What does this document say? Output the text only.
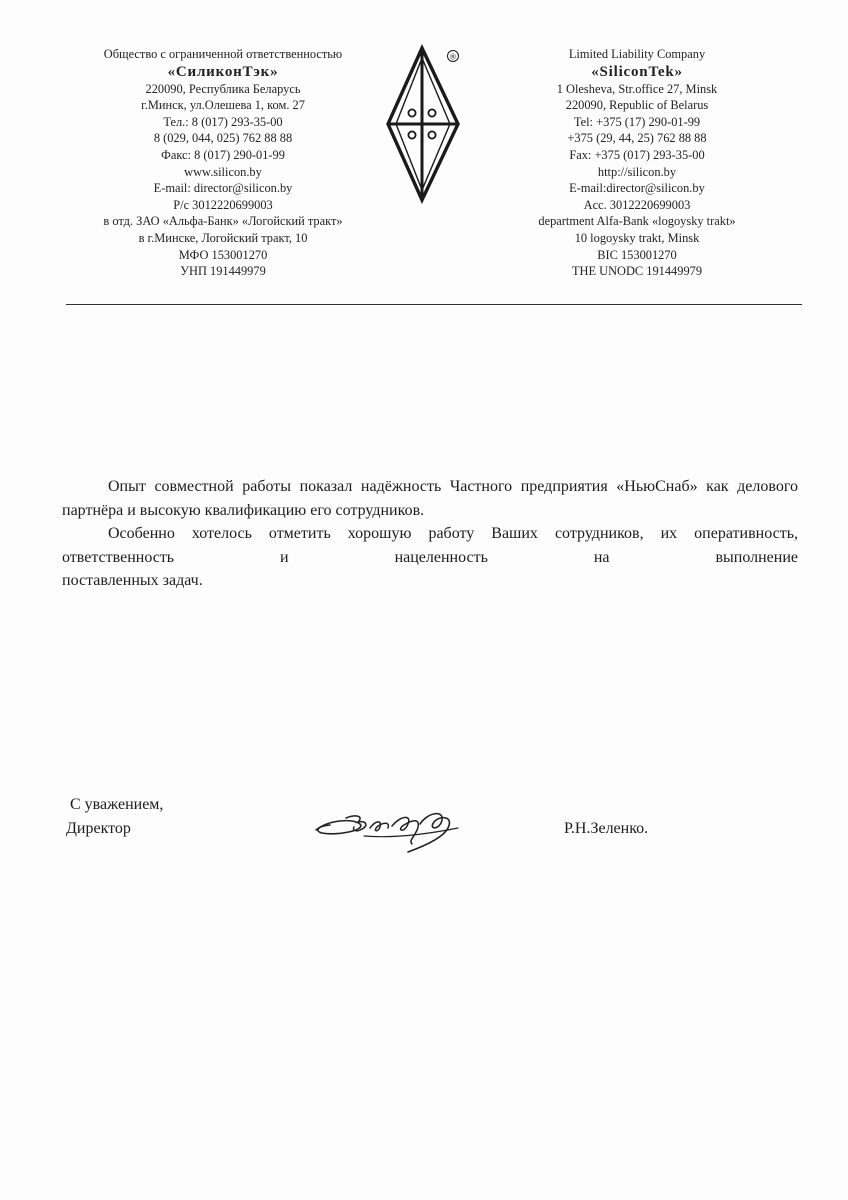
Общество с ограниченной ответственностью
«СиликонТэк»
220090, Республика Беларусь
г.Минск, ул.Олешева 1, ком. 27
Тел.: 8 (017) 293-35-00
8 (029, 044, 025) 762 88 88
Факс: 8 (017) 290-01-99
www.silicon.by
E-mail: director@silicon.by
Р/с 3012220699003
в отд. ЗАО «Альфа-Банк» «Логойский тракт»
в г.Минске, Логойский тракт, 10
МФО 153001270
УНП 191449979
®	Limited Liability Company
«SiliconTek»
1 Olesheva, Str.office 27, Minsk
220090, Republic of Belarus
Tel: +375 (17) 290-01-99
+375 (29, 44, 25) 762 88 88
Fax: +375 (017) 293-35-00
http://silicon.by
E-mail:director@silicon.by
Acc. 3012220699003
department Alfa-Bank «logoysky trakt»
10 logoysky trakt, Minsk
BIC 153001270
THE UNODC 191449979

Опыт совместной работы показал надёжность Частного предприятия «НьюСнаб» как делового партнёра и высокую квалификацию его сотрудников.

Особенно хотелось отметить хорошую работу Ваших сотрудников, их оперативность, ответственность и нацеленность на выполнение

поставленных задач.

С уважением,
Директор	Р.Н.Зеленко.
